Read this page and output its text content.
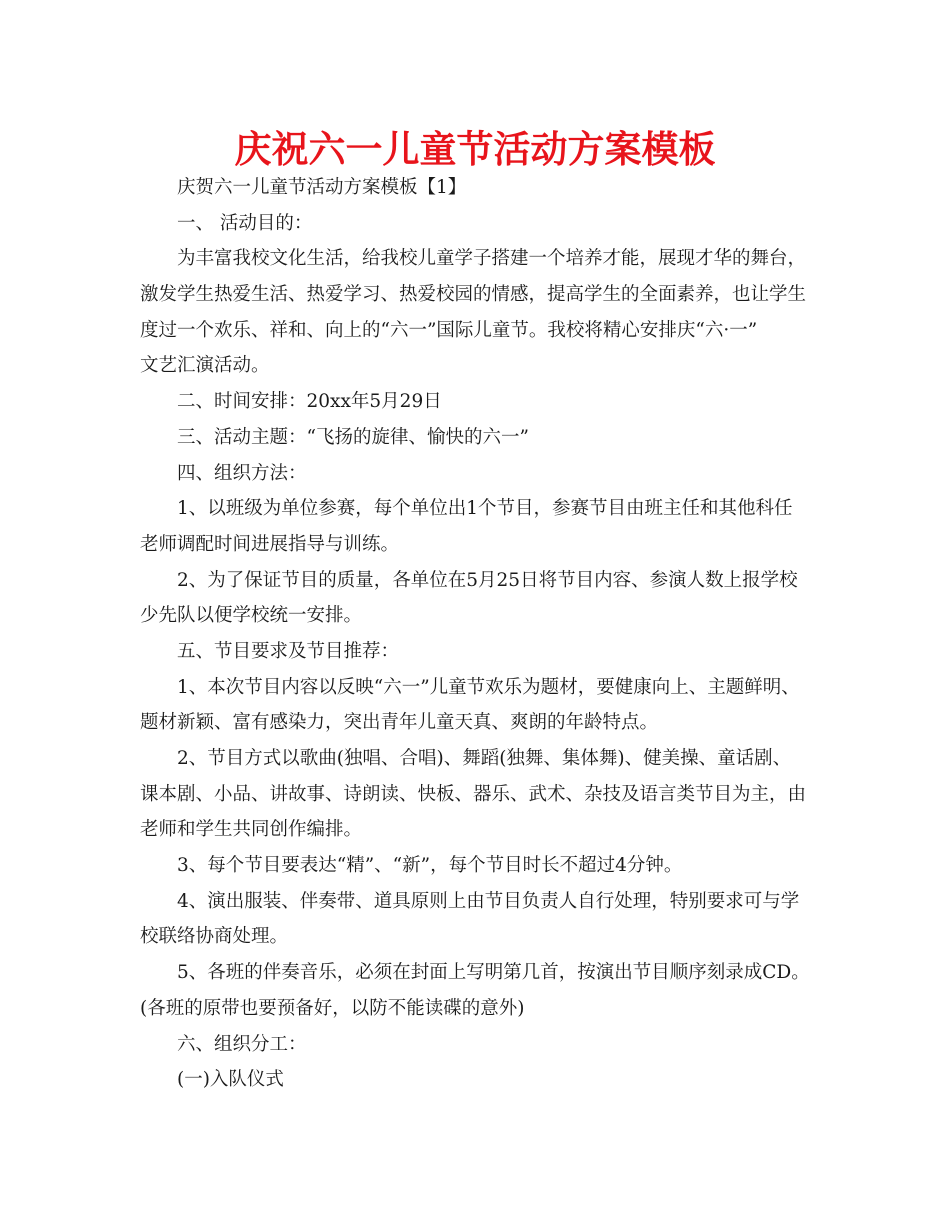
庆祝六一儿童节活动方案模板

庆贺六一儿童节活动方案模板【1】

一、 活动目的：

为丰富我校文化生活，给我校儿童学子搭建一个培养才能，展现才华的舞台，

激发学生热爱生活、热爱学习、热爱校园的情感，提高学生的全面素养，也让学生

度过一个欢乐、祥和、向上的“六一”国际儿童节。我校将精心安排庆“六·一”

文艺汇演活动。

二、时间安排：20xx年5月29日

三、活动主题：“飞扬的旋律、愉快的六一”

四、组织方法：

1、以班级为单位参赛，每个单位出1个节目，参赛节目由班主任和其他科任

老师调配时间进展指导与训练。

2、为了保证节目的质量，各单位在5月25日将节目内容、参演人数上报学校

少先队以便学校统一安排。

五、节目要求及节目推荐：

1、本次节目内容以反映“六一”儿童节欢乐为题材，要健康向上、主题鲜明、

题材新颖、富有感染力，突出青年儿童天真、爽朗的年龄特点。

2、节目方式以歌曲(独唱、合唱)、舞蹈(独舞、集体舞)、健美操、童话剧、

课本剧、小品、讲故事、诗朗读、快板、器乐、武术、杂技及语言类节目为主，由

老师和学生共同创作编排。

3、每个节目要表达“精”、“新”，每个节目时长不超过4分钟。

4、演出服装、伴奏带、道具原则上由节目负责人自行处理，特别要求可与学

校联络协商处理。

5、各班的伴奏音乐，必须在封面上写明第几首，按演出节目顺序刻录成CD。

(各班的原带也要预备好，以防不能读碟的意外)

六、组织分工：

(一)入队仪式
